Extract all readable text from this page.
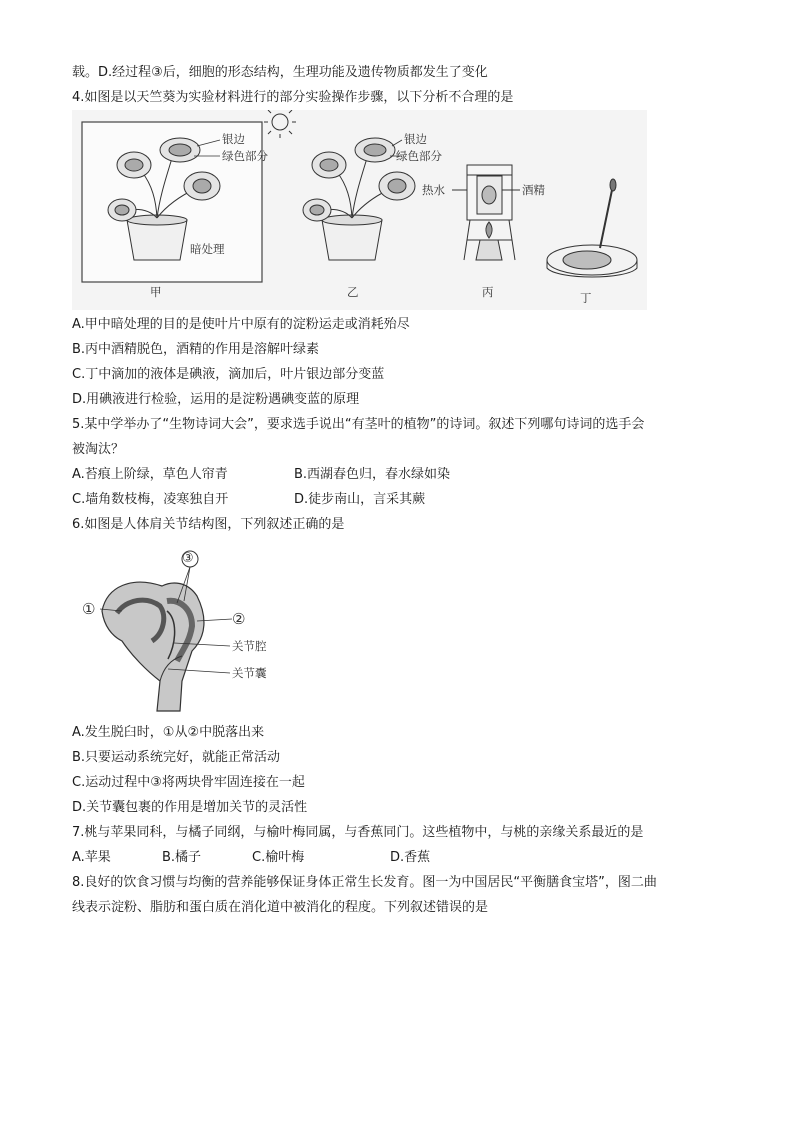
载。D.经过程③后，细胞的形态结构，生理功能及遗传物质都发生了变化
4.如图是以天竺葵为实验材料进行的部分实验操作步骤，以下分析不合理的是
银边
绿色部分
暗处理
银边
绿色部分
热水	酒精
甲	乙	丙	丁
A.甲中暗处理的目的是使叶片中原有的淀粉运走或消耗殆尽
B.丙中酒精脱色，酒精的作用是溶解叶绿素
C.丁中滴加的液体是碘液，滴加后，叶片银边部分变蓝
D.用碘液进行检验，运用的是淀粉遇碘变蓝的原理
5.某中学举办了“生物诗词大会”，要求选手说出“有茎叶的植物”的诗词。叙述下列哪句诗词的选手会
被淘汰？
A.苔痕上阶绿，草色人帘青	B.西湖春色归，春水绿如染
C.墙角数枝梅，凌寒独自开	D.徒步南山，言采其蕨
6.如图是人体肩关节结构图，下列叙述正确的是
③
①
②
关节腔
关节囊
A.发生脱臼时，①从②中脱落出来
B.只要运动系统完好，就能正常活动
C.运动过程中③将两块骨牢固连接在一起
D.关节囊包裹的作用是增加关节的灵活性
7.桃与苹果同科，与橘子同纲，与榆叶梅同属，与香蕉同门。这些植物中，与桃的亲缘关系最近的是
A.苹果	B.橘子	C.榆叶梅	D.香蕉
8.良好的饮食习惯与均衡的营养能够保证身体正常生长发育。图一为中国居民“平衡膳食宝塔”，图二曲
线表示淀粉、脂肪和蛋白质在消化道中被消化的程度。下列叙述错误的是
